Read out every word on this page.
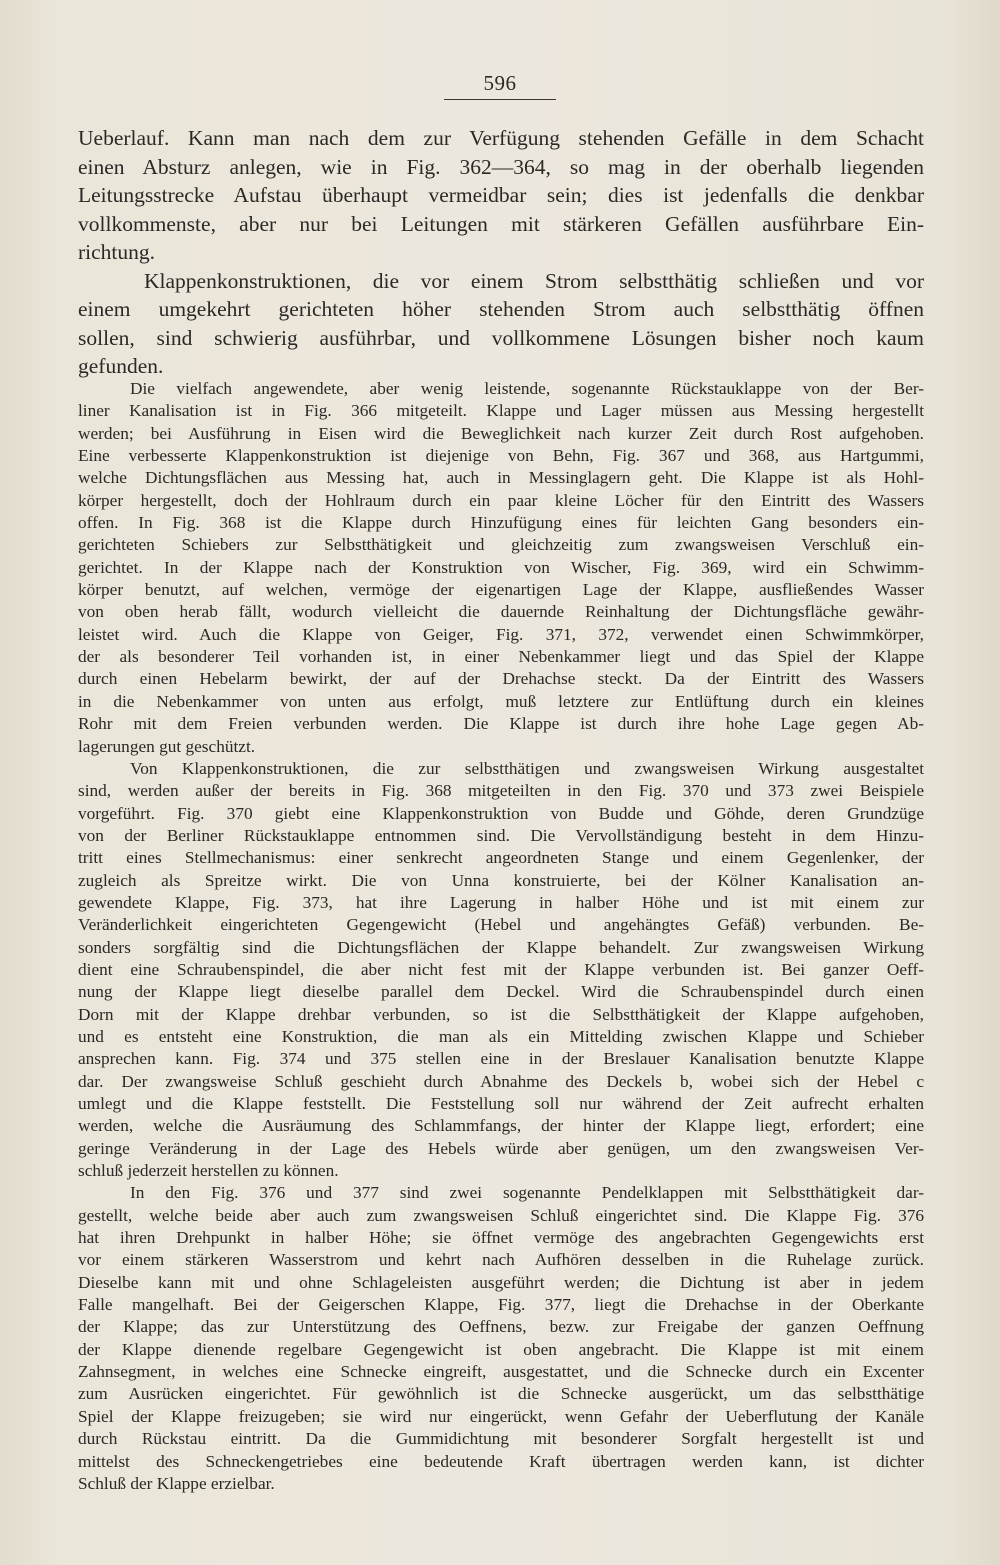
596
Ueberlauf. Kann man nach dem zur Verfügung stehenden Gefälle in dem Schacht
einen Absturz anlegen, wie in Fig. 362—364, so mag in der oberhalb liegenden
Leitungsstrecke Aufstau überhaupt vermeidbar sein; dies ist jedenfalls die denkbar
vollkommenste, aber nur bei Leitungen mit stärkeren Gefällen ausführbare Ein-
richtung.
Klappenkonstruktionen, die vor einem Strom selbstthätig schließen und vor
einem umgekehrt gerichteten höher stehenden Strom auch selbstthätig öffnen
sollen, sind schwierig ausführbar, und vollkommene Lösungen bisher noch kaum
gefunden.
Die vielfach angewendete, aber wenig leistende, sogenannte Rückstauklappe von der Ber-
liner Kanalisation ist in Fig. 366 mitgeteilt. Klappe und Lager müssen aus Messing hergestellt
werden; bei Ausführung in Eisen wird die Beweglichkeit nach kurzer Zeit durch Rost aufgehoben.
Eine verbesserte Klappenkonstruktion ist diejenige von Behn, Fig. 367 und 368, aus Hartgummi,
welche Dichtungsflächen aus Messing hat, auch in Messinglagern geht. Die Klappe ist als Hohl-
körper hergestellt, doch der Hohlraum durch ein paar kleine Löcher für den Eintritt des Wassers
offen. In Fig. 368 ist die Klappe durch Hinzufügung eines für leichten Gang besonders ein-
gerichteten Schiebers zur Selbstthätigkeit und gleichzeitig zum zwangsweisen Verschluß ein-
gerichtet. In der Klappe nach der Konstruktion von Wischer, Fig. 369, wird ein Schwimm-
körper benutzt, auf welchen, vermöge der eigenartigen Lage der Klappe, ausfließendes Wasser
von oben herab fällt, wodurch vielleicht die dauernde Reinhaltung der Dichtungsfläche gewähr-
leistet wird. Auch die Klappe von Geiger, Fig. 371, 372, verwendet einen Schwimmkörper,
der als besonderer Teil vorhanden ist, in einer Nebenkammer liegt und das Spiel der Klappe
durch einen Hebelarm bewirkt, der auf der Drehachse steckt. Da der Eintritt des Wassers
in die Nebenkammer von unten aus erfolgt, muß letztere zur Entlüftung durch ein kleines
Rohr mit dem Freien verbunden werden. Die Klappe ist durch ihre hohe Lage gegen Ab-
lagerungen gut geschützt.
Von Klappenkonstruktionen, die zur selbstthätigen und zwangsweisen Wirkung ausgestaltet
sind, werden außer der bereits in Fig. 368 mitgeteilten in den Fig. 370 und 373 zwei Beispiele
vorgeführt. Fig. 370 giebt eine Klappenkonstruktion von Budde und Göhde, deren Grundzüge
von der Berliner Rückstauklappe entnommen sind. Die Vervollständigung besteht in dem Hinzu-
tritt eines Stellmechanismus: einer senkrecht angeordneten Stange und einem Gegenlenker, der
zugleich als Spreitze wirkt. Die von Unna konstruierte, bei der Kölner Kanalisation an-
gewendete Klappe, Fig. 373, hat ihre Lagerung in halber Höhe und ist mit einem zur
Veränderlichkeit eingerichteten Gegengewicht (Hebel und angehängtes Gefäß) verbunden. Be-
sonders sorgfältig sind die Dichtungsflächen der Klappe behandelt. Zur zwangsweisen Wirkung
dient eine Schraubenspindel, die aber nicht fest mit der Klappe verbunden ist. Bei ganzer Oeff-
nung der Klappe liegt dieselbe parallel dem Deckel. Wird die Schraubenspindel durch einen
Dorn mit der Klappe drehbar verbunden, so ist die Selbstthätigkeit der Klappe aufgehoben,
und es entsteht eine Konstruktion, die man als ein Mittelding zwischen Klappe und Schieber
ansprechen kann. Fig. 374 und 375 stellen eine in der Breslauer Kanalisation benutzte Klappe
dar. Der zwangsweise Schluß geschieht durch Abnahme des Deckels b, wobei sich der Hebel c
umlegt und die Klappe feststellt. Die Feststellung soll nur während der Zeit aufrecht erhalten
werden, welche die Ausräumung des Schlammfangs, der hinter der Klappe liegt, erfordert; eine
geringe Veränderung in der Lage des Hebels würde aber genügen, um den zwangsweisen Ver-
schluß jederzeit herstellen zu können.
In den Fig. 376 und 377 sind zwei sogenannte Pendelklappen mit Selbstthätigkeit dar-
gestellt, welche beide aber auch zum zwangsweisen Schluß eingerichtet sind. Die Klappe Fig. 376
hat ihren Drehpunkt in halber Höhe; sie öffnet vermöge des angebrachten Gegengewichts erst
vor einem stärkeren Wasserstrom und kehrt nach Aufhören desselben in die Ruhelage zurück.
Dieselbe kann mit und ohne Schlageleisten ausgeführt werden; die Dichtung ist aber in jedem
Falle mangelhaft. Bei der Geigerschen Klappe, Fig. 377, liegt die Drehachse in der Oberkante
der Klappe; das zur Unterstützung des Oeffnens, bezw. zur Freigabe der ganzen Oeffnung
der Klappe dienende regelbare Gegengewicht ist oben angebracht. Die Klappe ist mit einem
Zahnsegment, in welches eine Schnecke eingreift, ausgestattet, und die Schnecke durch ein Excenter
zum Ausrücken eingerichtet. Für gewöhnlich ist die Schnecke ausgerückt, um das selbstthätige
Spiel der Klappe freizugeben; sie wird nur eingerückt, wenn Gefahr der Ueberflutung der Kanäle
durch Rückstau eintritt. Da die Gummidichtung mit besonderer Sorgfalt hergestellt ist und
mittelst des Schneckengetriebes eine bedeutende Kraft übertragen werden kann, ist dichter
Schluß der Klappe erzielbar.
